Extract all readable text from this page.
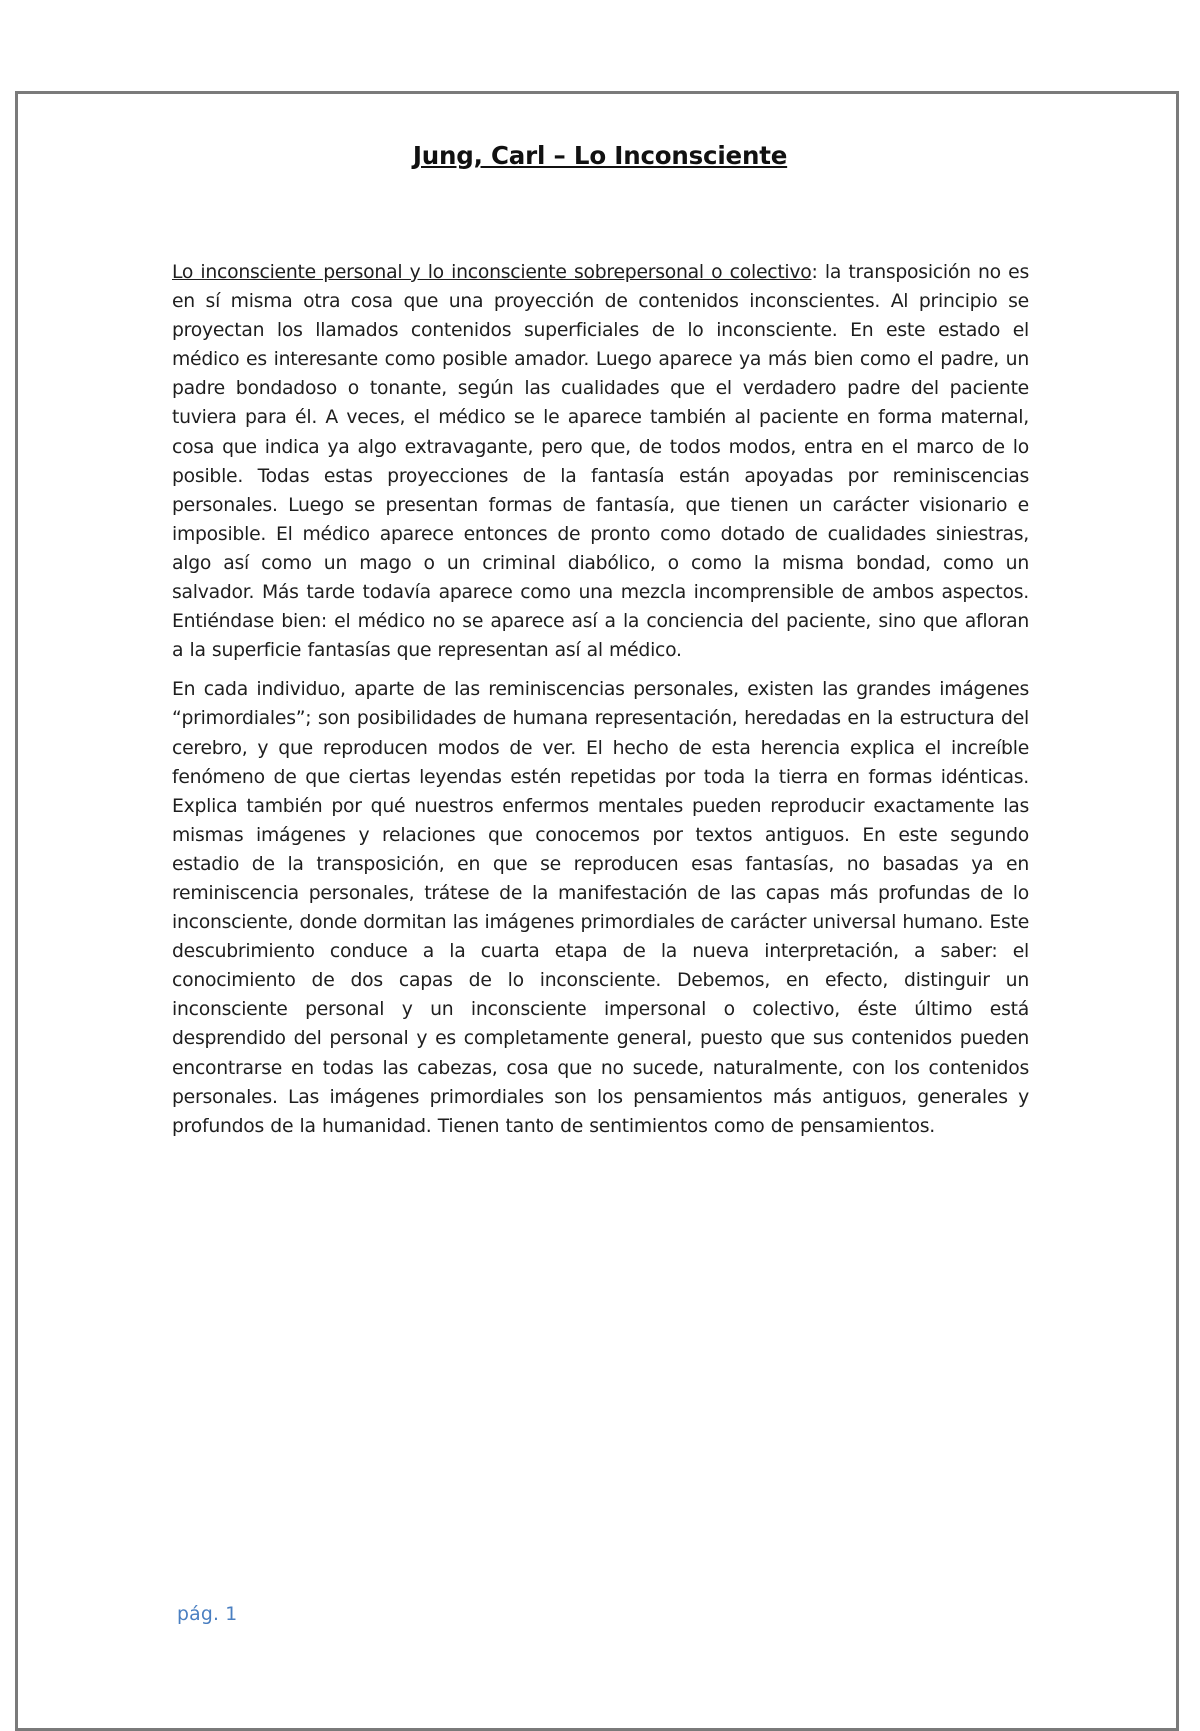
Jung, Carl – Lo Inconsciente

Lo inconsciente personal y lo inconsciente sobrepersonal o colectivo: la transposición no es en sí misma otra cosa que una proyección de contenidos inconscientes. Al principio se proyectan los llamados contenidos superficiales de lo inconsciente. En este estado el médico es interesante como posible amador. Luego aparece ya más bien como el padre, un padre bondadoso o tonante, según las cualidades que el verdadero padre del paciente tuviera para él. A veces, el médico se le aparece también al paciente en forma maternal, cosa que indica ya algo extravagante, pero que, de todos modos, entra en el marco de lo posible. Todas estas proyecciones de la fantasía están apoyadas por reminiscencias personales. Luego se presentan formas de fantasía, que tienen un carácter visionario e imposible. El médico aparece entonces de pronto como dotado de cualidades siniestras, algo así como un mago o un criminal diabólico, o como la misma bondad, como un salvador. Más tarde todavía aparece como una mezcla incomprensible de ambos aspectos. Entiéndase bien: el médico no se aparece así a la conciencia del paciente, sino que afloran a la superficie fantasías que representan así al médico.

En cada individuo, aparte de las reminiscencias personales, existen las grandes imágenes “primordiales”; son posibilidades de humana representación, heredadas en la estructura del cerebro, y que reproducen modos de ver. El hecho de esta herencia explica el increíble fenómeno de que ciertas leyendas estén repetidas por toda la tierra en formas idénticas. Explica también por qué nuestros enfermos mentales pueden reproducir exactamente las mismas imágenes y relaciones que conocemos por textos antiguos. En este segundo estadio de la transposición, en que se reproducen esas fantasías, no basadas ya en reminiscencia personales, trátese de la manifestación de las capas más profundas de lo inconsciente, donde dormitan las imágenes primordiales de carácter universal humano. Este descubrimiento conduce a la cuarta etapa de la nueva interpretación, a saber: el conocimiento de dos capas de lo inconsciente. Debemos, en efecto, distinguir un inconsciente personal y un inconsciente impersonal o colectivo, éste último está desprendido del personal y es completamente general, puesto que sus contenidos pueden encontrarse en todas las cabezas, cosa que no sucede, naturalmente, con los contenidos personales. Las imágenes primordiales son los pensamientos más antiguos, generales y profundos de la humanidad. Tienen tanto de sentimientos como de pensamientos.

pág. 1
